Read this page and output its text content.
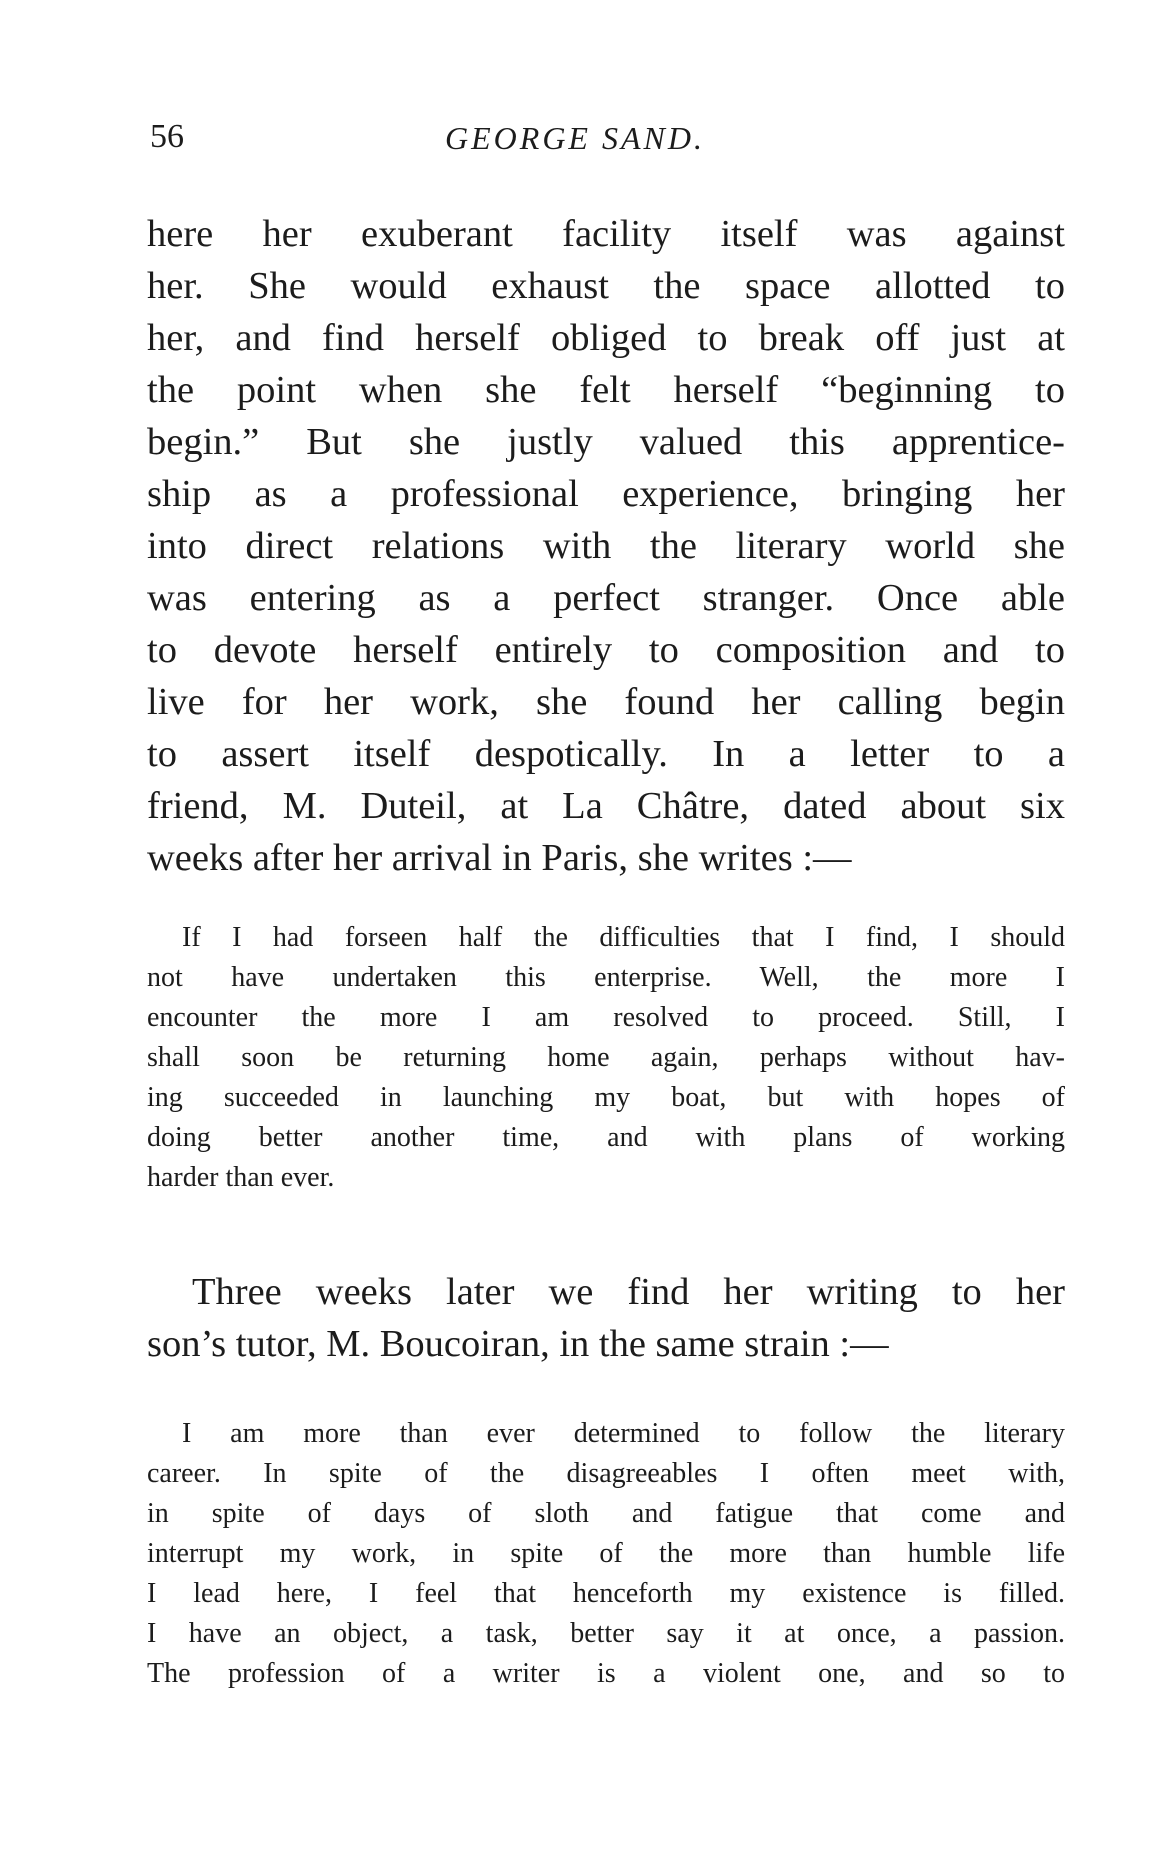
56	GEORGE SAND.
here her exuberant facility itself was against
her. She would exhaust the space allotted to
her, and find herself obliged to break off just at
the point when she felt herself “beginning to
begin.” But she justly valued this apprentice-
ship as a professional experience, bringing her
into direct relations with the literary world she
was entering as a perfect stranger. Once able
to devote herself entirely to composition and to
live for her work, she found her calling begin
to assert itself despotically. In a letter to a
friend, M. Duteil, at La Châtre, dated about six
weeks after her arrival in Paris, she writes :—
If I had forseen half the difficulties that I find, I should
not have undertaken this enterprise. Well, the more I
encounter the more I am resolved to proceed. Still, I
shall soon be returning home again, perhaps without hav-
ing succeeded in launching my boat, but with hopes of
doing better another time, and with plans of working
harder than ever.
Three weeks later we find her writing to her
son’s tutor, M. Boucoiran, in the same strain :—
I am more than ever determined to follow the literary
career. In spite of the disagreeables I often meet with,
in spite of days of sloth and fatigue that come and
interrupt my work, in spite of the more than humble life
I lead here, I feel that henceforth my existence is filled.
I have an object, a task, better say it at once, a passion.
The profession of a writer is a violent one, and so to
